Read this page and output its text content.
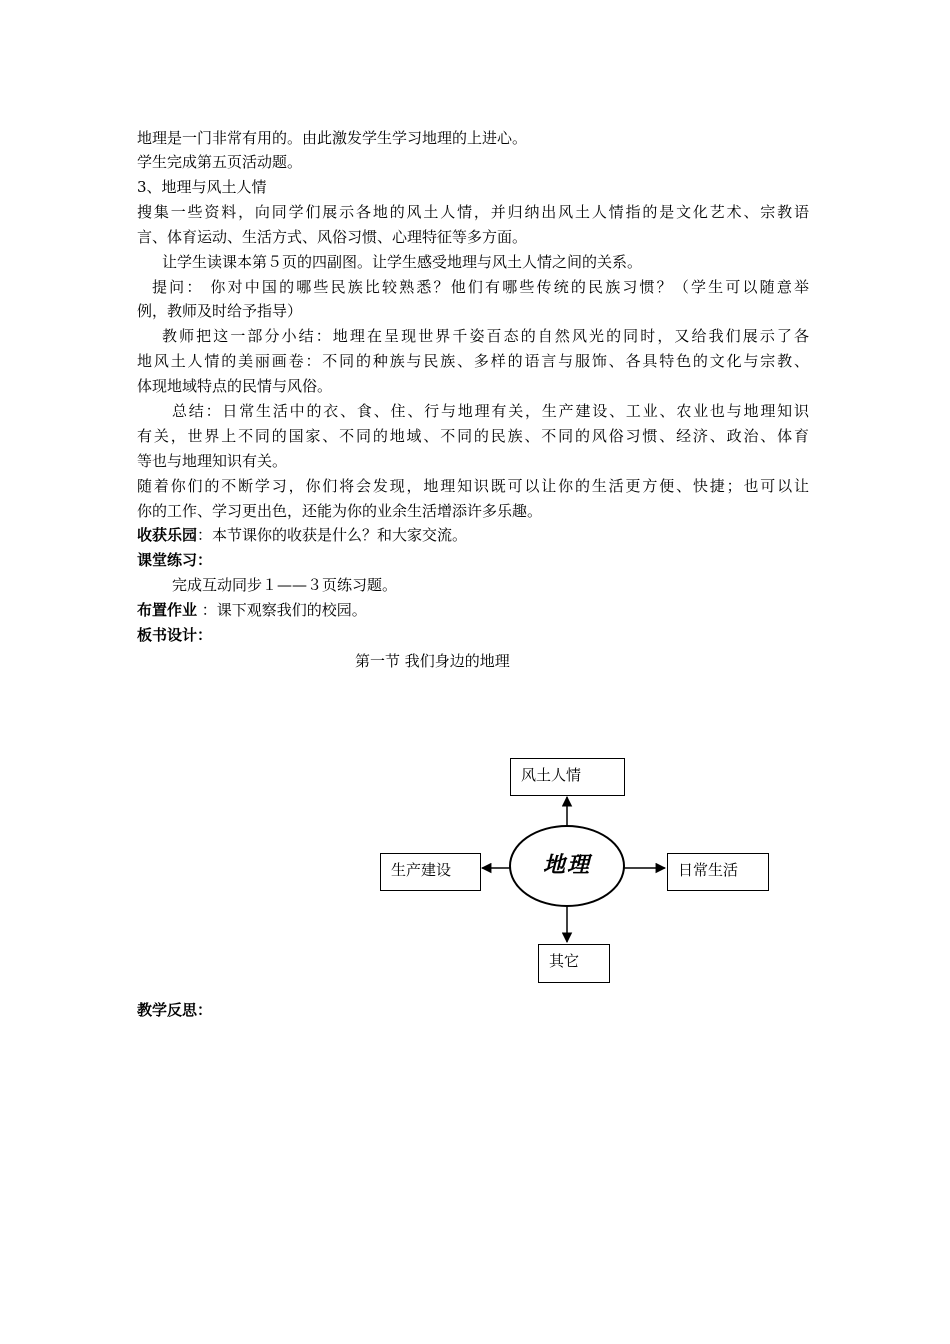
地理是一门非常有用的。由此激发学生学习地理的上进心。
学生完成第五页活动题。
3、地理与风土人情
搜集一些资料，向同学们展示各地的风土人情，并归纳出风土人情指的是文化艺术、宗教语
言、体育运动、生活方式、风俗习惯、心理特征等多方面。
让学生读课本第５页的四副图。让学生感受地理与风土人情之间的关系。
提问： 你对中国的哪些民族比较熟悉？他们有哪些传统的民族习惯？（学生可以随意举
例，教师及时给予指导）
教师把这一部分小结：地理在呈现世界千姿百态的自然风光的同时，又给我们展示了各
地风土人情的美丽画卷：不同的种族与民族、多样的语言与服饰、各具特色的文化与宗教、
体现地域特点的民情与风俗。
总结：日常生活中的衣、食、住、行与地理有关，生产建设、工业、农业也与地理知识
有关，世界上不同的国家、不同的地域、不同的民族、不同的风俗习惯、经济、政治、体育
等也与地理知识有关。
随着你们的不断学习，你们将会发现，地理知识既可以让你的生活更方便、快捷；也可以让
你的工作、学习更出色，还能为你的业余生活增添许多乐趣。
收获乐园：本节课你的收获是什么？和大家交流。
课堂练习：
完成互动同步１——３页练习题。
布置作业 ：课下观察我们的校园。
板书设计：
第一节 我们身边的地理
地理
风土人情
生产建设	日常生活
其它
教学反思：
